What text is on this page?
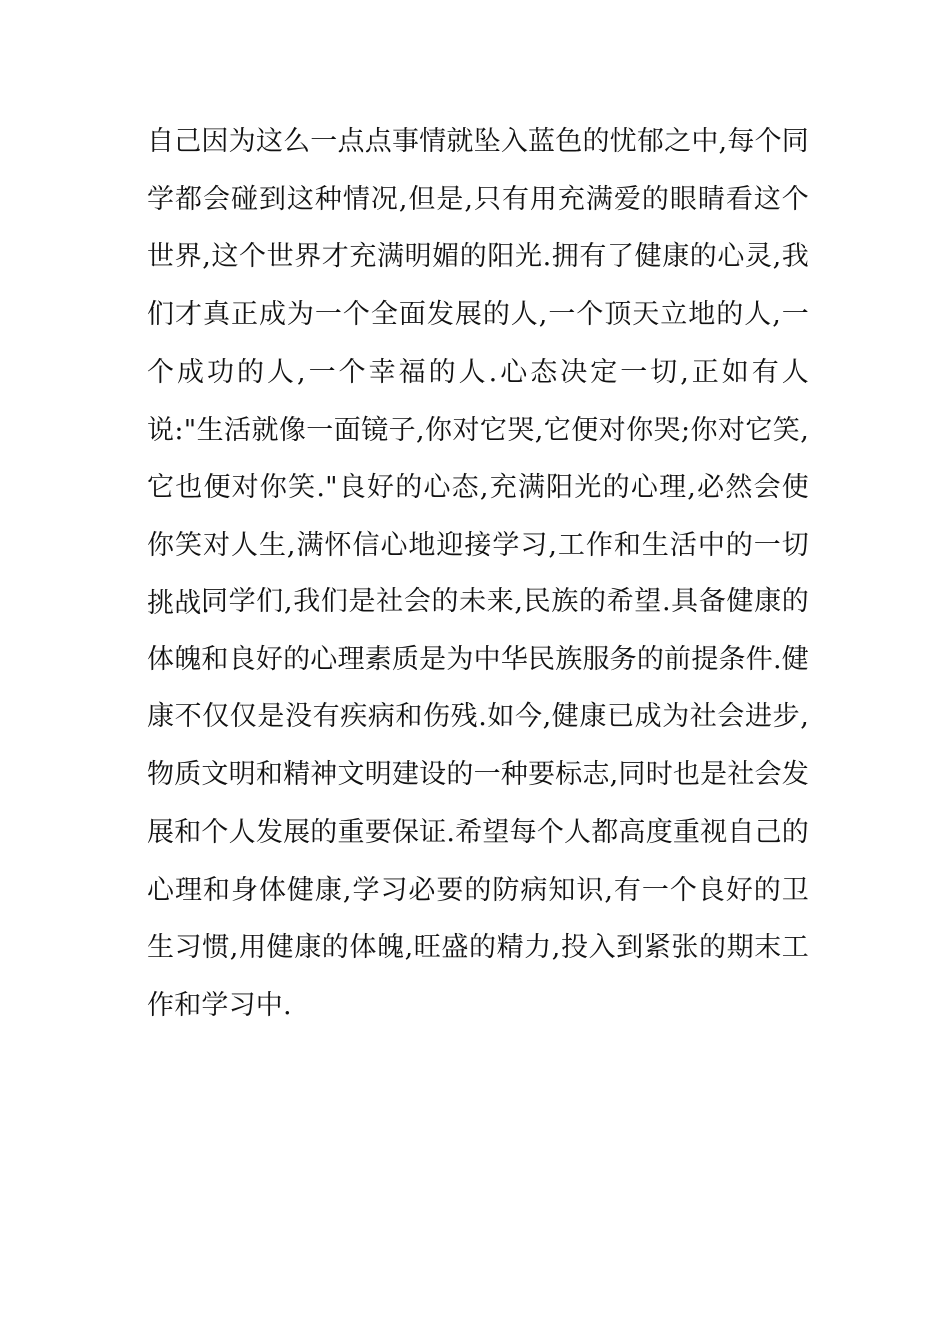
自己因为这么一点点事情就坠入蓝色的忧郁之中,每个同学都会碰到这种情况,但是,只有用充满爱的眼睛看这个世界,这个世界才充满明媚的阳光.拥有了健康的心灵,我们才真正成为一个全面发展的人,一个顶天立地的人,一个成功的人,一个幸福的人.心态决定一切,正如有人说:"生活就像一面镜子,你对它哭,它便对你哭;你对它笑,它也便对你笑."良好的心态,充满阳光的心理,必然会使你笑对人生,满怀信心地迎接学习,工作和生活中的一切挑战.

同学们,我们是社会的未来,民族的希望.具备健康的体魄和良好的心理素质是为中华民族服务的前提条件.健康不仅仅是没有疾病和伤残.如今,健康已成为社会进步,物质文明和精神文明建设的一种要标志,同时也是社会发展和个人发展的重要保证.希望每个人都高度重视自己的心理和身体健康,学习必要的防病知识,有一个良好的卫生习惯,用健康的体魄,旺盛的精力,投入到紧张的期末工作和学习中.
